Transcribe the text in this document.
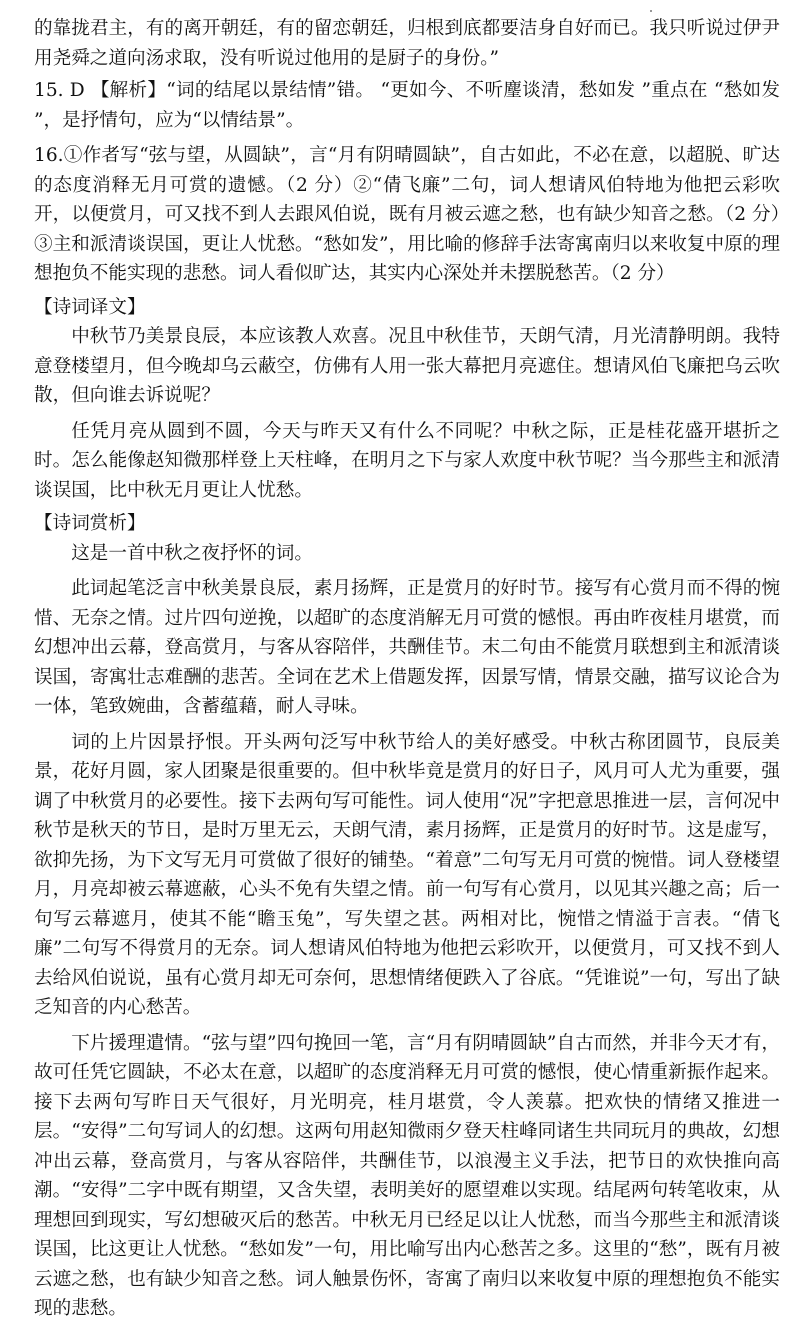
的靠拢君主，有的离开朝廷，有的留恋朝廷，归根到底都要洁身自好而已。我只听说过伊尹用尧舜之道向汤求取，没有听说过他用的是厨子的身份。”

15. D 【解析】“词的结尾以景结情”错。 “更如今、不听麈谈清，愁如发 ”重点在 “愁如发 ”，是抒情句，应为“以情结景”。

16.①作者写“弦与望，从圆缺”，言“月有阴晴圆缺”，自古如此，不必在意，以超脱、旷达的态度消释无月可赏的遗憾。（2 分）②“倩飞廉”二句，词人想请风伯特地为他把云彩吹开，以便赏月，可又找不到人去跟风伯说，既有月被云遮之愁，也有缺少知音之愁。（2 分）③主和派清谈误国，更让人忧愁。“愁如发”，用比喻的修辞手法寄寓南归以来收复中原的理想抱负不能实现的悲愁。词人看似旷达，其实内心深处并未摆脱愁苦。（2 分）

【诗词译文】

中秋节乃美景良辰，本应该教人欢喜。况且中秋佳节，天朗气清，月光清静明朗。我特意登楼望月，但今晚却乌云蔽空，仿佛有人用一张大幕把月亮遮住。想请风伯飞廉把乌云吹散，但向谁去诉说呢？

任凭月亮从圆到不圆，今天与昨天又有什么不同呢？中秋之际，正是桂花盛开堪折之时。怎么能像赵知微那样登上天柱峰，在明月之下与家人欢度中秋节呢？当今那些主和派清谈误国，比中秋无月更让人忧愁。

【诗词赏析】

这是一首中秋之夜抒怀的词。

此词起笔泛言中秋美景良辰，素月扬辉，正是赏月的好时节。接写有心赏月而不得的惋惜、无奈之情。过片四句逆挽，以超旷的态度消解无月可赏的憾恨。再由昨夜桂月堪赏，而幻想冲出云幕，登高赏月，与客从容陪伴，共酬佳节。末二句由不能赏月联想到主和派清谈误国，寄寓壮志难酬的悲苦。全词在艺术上借题发挥，因景写情，情景交融，描写议论合为一体，笔致婉曲，含蓄蕴藉，耐人寻味。

词的上片因景抒恨。开头两句泛写中秋节给人的美好感受。中秋古称团圆节，良辰美景，花好月圆，家人团聚是很重要的。但中秋毕竟是赏月的好日子，风月可人尤为重要，强调了中秋赏月的必要性。接下去两句写可能性。词人使用“况”字把意思推进一层，言何况中秋节是秋天的节日，是时万里无云，天朗气清，素月扬辉，正是赏月的好时节。这是虚写，欲抑先扬，为下文写无月可赏做了很好的铺垫。“着意”二句写无月可赏的惋惜。词人登楼望月，月亮却被云幕遮蔽，心头不免有失望之情。前一句写有心赏月，以见其兴趣之高；后一句写云幕遮月，使其不能“瞻玉兔”，写失望之甚。两相对比，惋惜之情溢于言表。“倩飞廉”二句写不得赏月的无奈。词人想请风伯特地为他把云彩吹开，以便赏月，可又找不到人去给风伯说说，虽有心赏月却无可奈何，思想情绪便跌入了谷底。“凭谁说”一句，写出了缺乏知音的内心愁苦。

下片援理遣情。“弦与望”四句挽回一笔，言“月有阴晴圆缺”自古而然，并非今天才有，故可任凭它圆缺，不必太在意，以超旷的态度消释无月可赏的憾恨，使心情重新振作起来。接下去两句写昨日天气很好，月光明亮，桂月堪赏，令人羡慕。把欢快的情绪又推进一层。“安得”二句写词人的幻想。这两句用赵知微雨夕登天柱峰同诸生共同玩月的典故，幻想冲出云幕，登高赏月，与客从容陪伴，共酬佳节，以浪漫主义手法，把节日的欢快推向高潮。“安得”二字中既有期望，又含失望，表明美好的愿望难以实现。结尾两句转笔收束，从理想回到现实，写幻想破灭后的愁苦。中秋无月已经足以让人忧愁，而当今那些主和派清谈误国，比这更让人忧愁。“愁如发”一句，用比喻写出内心愁苦之多。这里的“愁”，既有月被云遮之愁，也有缺少知音之愁。词人触景伤怀，寄寓了南归以来收复中原的理想抱负不能实现的悲愁。
